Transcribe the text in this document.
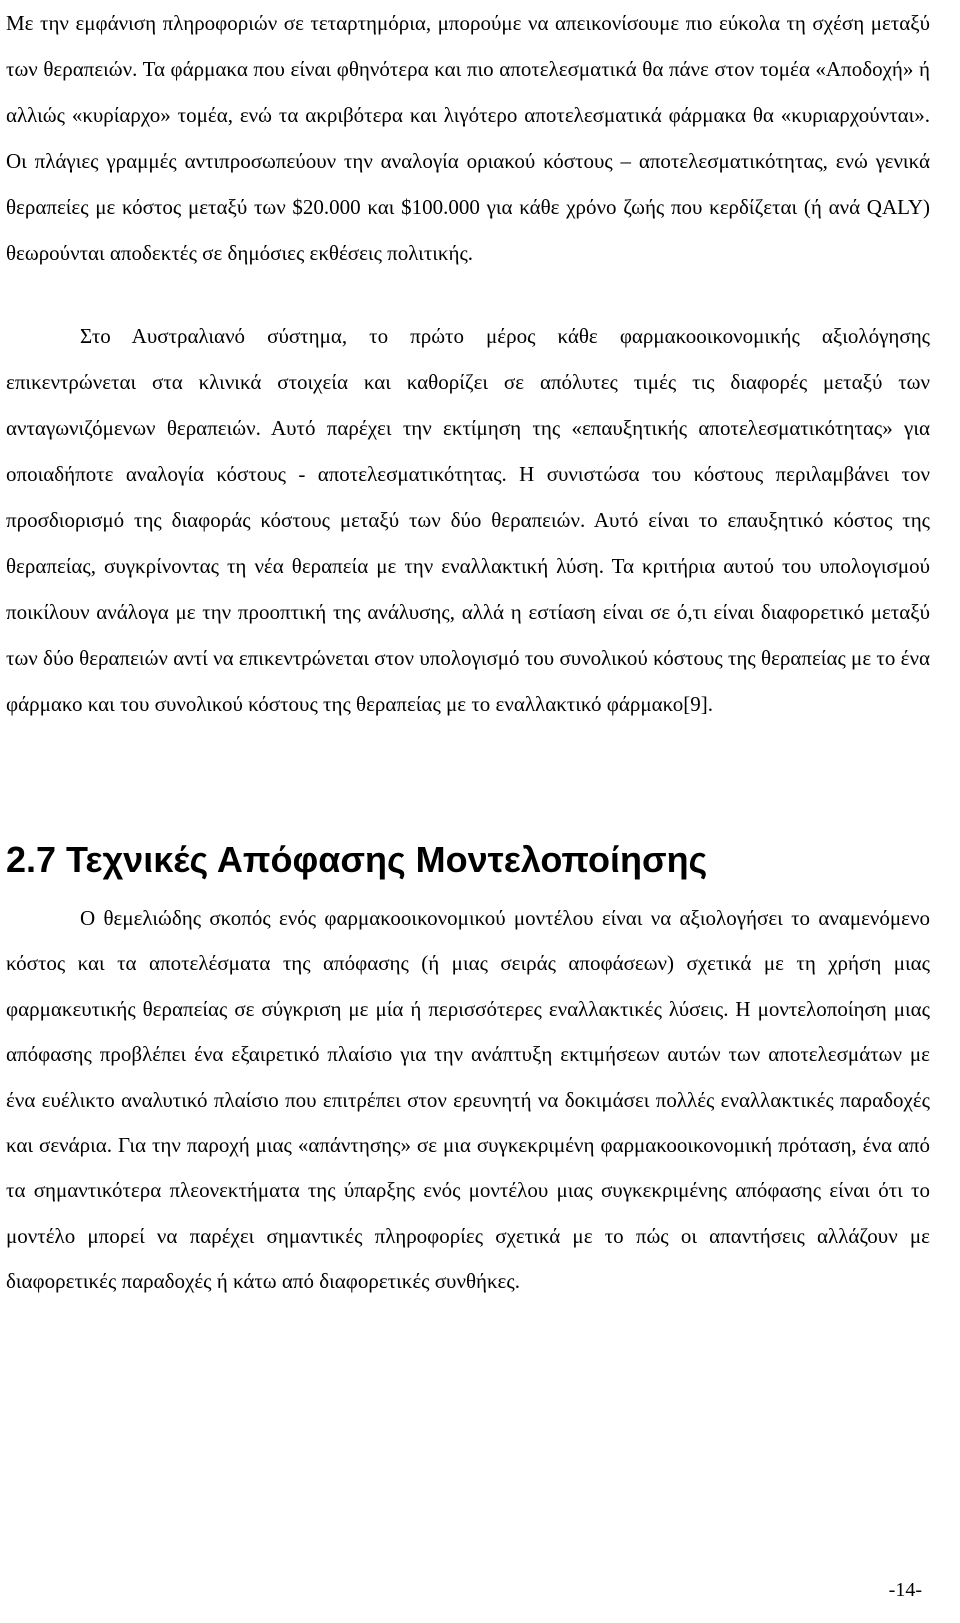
Με την εμφάνιση πληροφοριών σε τεταρτημόρια, μπορούμε να απεικονίσουμε πιο εύκολα τη σχέση μεταξύ των θεραπειών. Τα φάρμακα που είναι φθηνότερα και πιο αποτελεσματικά θα πάνε στον τομέα «Αποδοχή» ή αλλιώς «κυρίαρχο» τομέα, ενώ τα ακριβότερα και λιγότερο αποτελεσματικά φάρμακα θα «κυριαρχούνται». Οι πλάγιες γραμμές αντιπροσωπεύουν την αναλογία οριακού κόστους – αποτελεσματικότητας, ενώ γενικά θεραπείες με κόστος μεταξύ των $20.000 και $100.000 για κάθε χρόνο ζωής που κερδίζεται (ή ανά QALY) θεωρούνται αποδεκτές σε δημόσιες εκθέσεις πολιτικής.

Στο Αυστραλιανό σύστημα, το πρώτο μέρος κάθε φαρμακοοικονομικής αξιολόγησης επικεντρώνεται στα κλινικά στοιχεία και καθορίζει σε απόλυτες τιμές τις διαφορές μεταξύ των ανταγωνιζόμενων θεραπειών. Αυτό παρέχει την εκτίμηση της «επαυξητικής αποτελεσματικότητας» για οποιαδήποτε αναλογία κόστους - αποτελεσματικότητας. Η συνιστώσα του κόστους περιλαμβάνει τον προσδιορισμό της διαφοράς κόστους μεταξύ των δύο θεραπειών. Αυτό είναι το επαυξητικό κόστος της θεραπείας, συγκρίνοντας τη νέα θεραπεία με την εναλλακτική λύση. Τα κριτήρια αυτού του υπολογισμού ποικίλουν ανάλογα με την προοπτική της ανάλυσης, αλλά η εστίαση είναι σε ό,τι είναι διαφορετικό μεταξύ των δύο θεραπειών αντί να επικεντρώνεται στον υπολογισμό του συνολικού κόστους της θεραπείας με το ένα φάρμακο και του συνολικού κόστους της θεραπείας με το εναλλακτικό φάρμακο[9].

2.7 Τεχνικές Απόφασης Μοντελοποίησης

Ο θεμελιώδης σκοπός ενός φαρμακοοικονομικού μοντέλου είναι να αξιολογήσει το αναμενόμενο κόστος και τα αποτελέσματα της απόφασης (ή μιας σειράς αποφάσεων) σχετικά με τη χρήση μιας φαρμακευτικής θεραπείας σε σύγκριση με μία ή περισσότερες εναλλακτικές λύσεις. Η μοντελοποίηση μιας απόφασης προβλέπει ένα εξαιρετικό πλαίσιο για την ανάπτυξη εκτιμήσεων αυτών των αποτελεσμάτων με ένα ευέλικτο αναλυτικό πλαίσιο που επιτρέπει στον ερευνητή να δοκιμάσει πολλές εναλλακτικές παραδοχές και σενάρια. Για την παροχή μιας «απάντησης» σε μια συγκεκριμένη φαρμακοοικονομική πρόταση, ένα από τα σημαντικότερα πλεονεκτήματα της ύπαρξης ενός μοντέλου μιας συγκεκριμένης απόφασης είναι ότι το μοντέλο μπορεί να παρέχει σημαντικές πληροφορίες σχετικά με το πώς οι απαντήσεις αλλάζουν με διαφορετικές παραδοχές ή κάτω από διαφορετικές συνθήκες.

-14-
